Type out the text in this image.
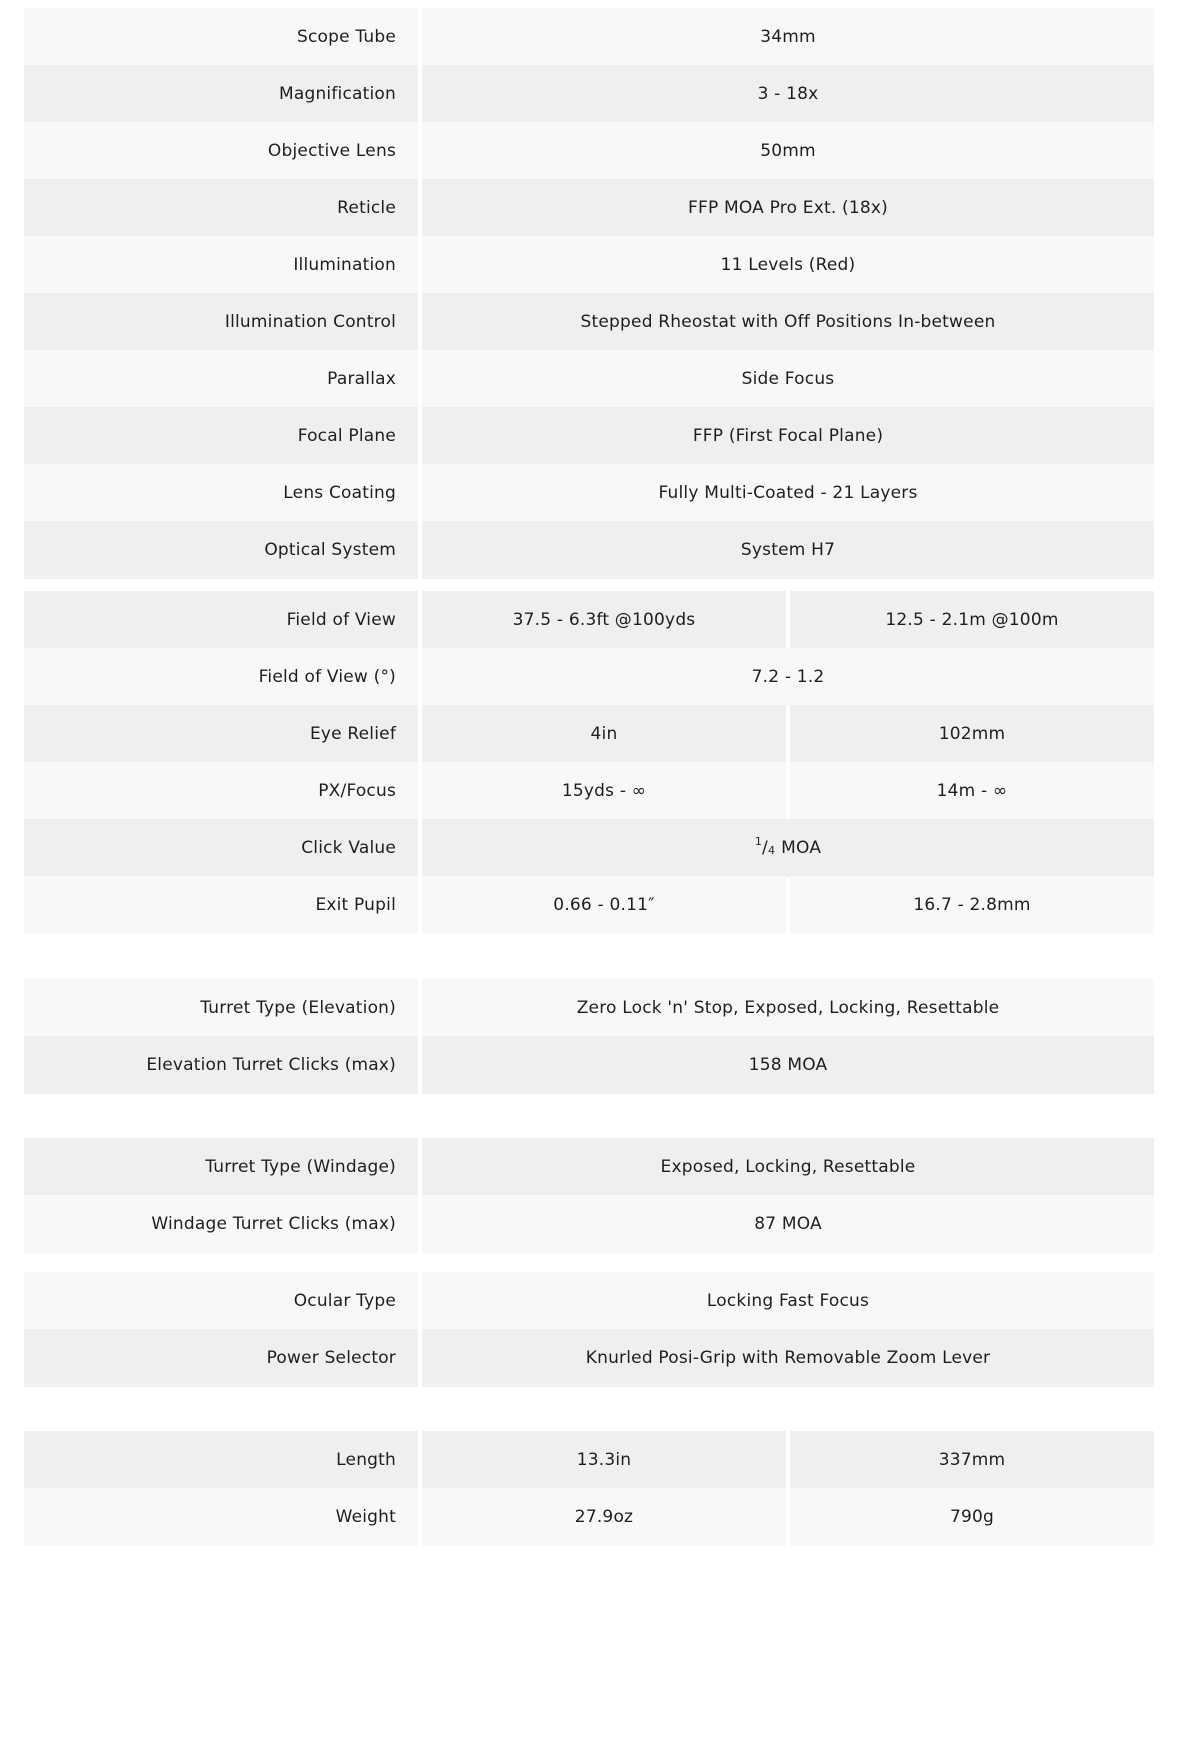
Scope Tube	34mm
Magnification	3 - 18x
Objective Lens	50mm
Reticle	FFP MOA Pro Ext. (18x)
Illumination	11 Levels (Red)
Illumination Control	Stepped Rheostat with Off Positions In-between
Parallax	Side Focus
Focal Plane	FFP (First Focal Plane)
Lens Coating	Fully Multi-Coated - 21 Layers
Optical System	System H7
Field of View	37.5 - 6.3ft @100yds	12.5 - 2.1m @100m
Field of View (°)	7.2 - 1.2
Eye Relief	4in	102mm
PX/Focus	15yds - ∞	14m - ∞
Click Value	1 / 4 MOA
Exit Pupil	0.66 - 0.11″	16.7 - 2.8mm
Turret Type (Elevation)	Zero Lock 'n' Stop, Exposed, Locking, Resettable
Elevation Turret Clicks (max)	158 MOA
Turret Type (Windage)	Exposed, Locking, Resettable
Windage Turret Clicks (max)	87 MOA
Ocular Type	Locking Fast Focus
Power Selector	Knurled Posi-Grip with Removable Zoom Lever
Length	13.3in	337mm
Weight	27.9oz	790g
